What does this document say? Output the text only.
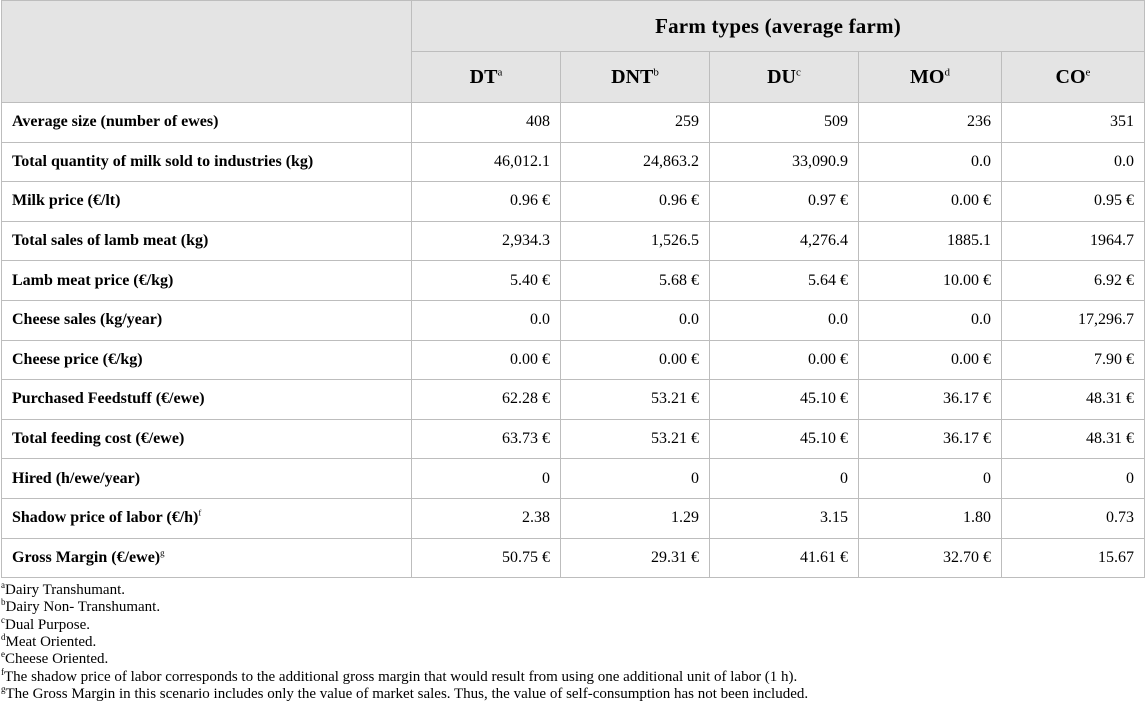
	Farm types (average farm)				
	$DT^a$	DNT$^b$	$DU^c$	$MO^d$	$CO^e$
Average size (number of ewes)	408	259	509	236	351
Total quantity of milk sold to industries (kg)	46,012.1	24,863.2	33,090.9	0.0	0.0
Milk price (€/lt)	0.96 €	0.96 €	0.97 €	0.00 €	0.95 €
Total sales of lamb meat (kg)	2,934.3	1,526.5	4,276.4	1885.1	1964.7
Lamb meat price (€/kg)	5.40 €	5.68 €	5.64 €	10.00 €	6.92 €
Cheese sales (kg/year)	0.0	0.0	0.0	0.0	17,296.7
Cheese price (€/kg)	0.00 €	0.00 €	0.00 €	0.00 €	7.90 €
Purchased Feedstuff (€/ewe)	62.28 €	53.21 €	45.10 €	36.17 €	48.31 €
Total feeding cost (€/ewe)	63.73 €	53.21 €	45.10 €	36.17 €	48.31 €
Hired (h/ewe/year)	0	0	0	0	0
Shadow price of labor (€/h)$^f$	2.38	1.29	3.15	1.80	0.73
Gross Margin (€/ewe)$^g$	50.75 €	29.31 €	41.61 €	32.70 €	15.67
$^a$Dairy Transhumant.
$^b$Dairy Non- Transhumant.
$^c$Dual Purpose.
$^d$Meat Oriented.
$^e$Cheese Oriented.
$^f$The shadow price of labor corresponds to the additional gross margin that would result from using one additional unit of labor (1 h).
$^g$The Gross Margin in this scenario includes only the value of market sales. Thus, the value of self-consumption has not been included.
